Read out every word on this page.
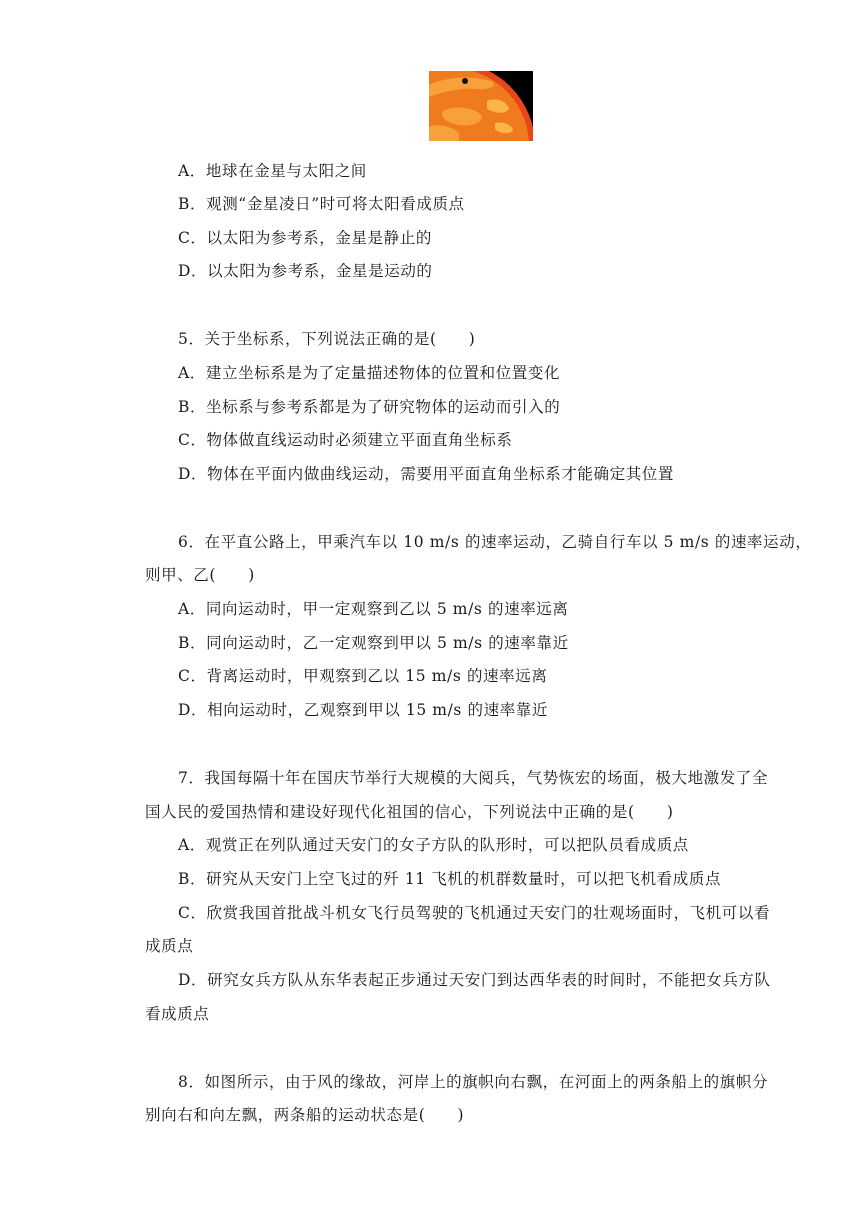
A．地球在金星与太阳之间
B．观测“金星凌日”时可将太阳看成质点
C．以太阳为参考系，金星是静止的
D．以太阳为参考系，金星是运动的
5．关于坐标系，下列说法正确的是(　　)
A．建立坐标系是为了定量描述物体的位置和位置变化
B．坐标系与参考系都是为了研究物体的运动而引入的
C．物体做直线运动时必须建立平面直角坐标系
D．物体在平面内做曲线运动，需要用平面直角坐标系才能确定其位置
6．在平直公路上，甲乘汽车以 10 m/s 的速率运动，乙骑自行车以 5 m/s 的速率运动，
则甲、乙(　　)
A．同向运动时，甲一定观察到乙以 5 m/s 的速率远离
B．同向运动时，乙一定观察到甲以 5 m/s 的速率靠近
C．背离运动时，甲观察到乙以 15 m/s 的速率远离
D．相向运动时，乙观察到甲以 15 m/s 的速率靠近
7．我国每隔十年在国庆节举行大规模的大阅兵，气势恢宏的场面，极大地激发了全
国人民的爱国热情和建设好现代化祖国的信心，下列说法中正确的是(　　)
A．观赏正在列队通过天安门的女子方队的队形时，可以把队员看成质点
B．研究从天安门上空飞过的歼 11 飞机的机群数量时，可以把飞机看成质点
C．欣赏我国首批战斗机女飞行员驾驶的飞机通过天安门的壮观场面时，飞机可以看
成质点
D．研究女兵方队从东华表起正步通过天安门到达西华表的时间时，不能把女兵方队
看成质点
8．如图所示，由于风的缘故，河岸上的旗帜向右飘，在河面上的两条船上的旗帜分
别向右和向左飘，两条船的运动状态是(　　)
